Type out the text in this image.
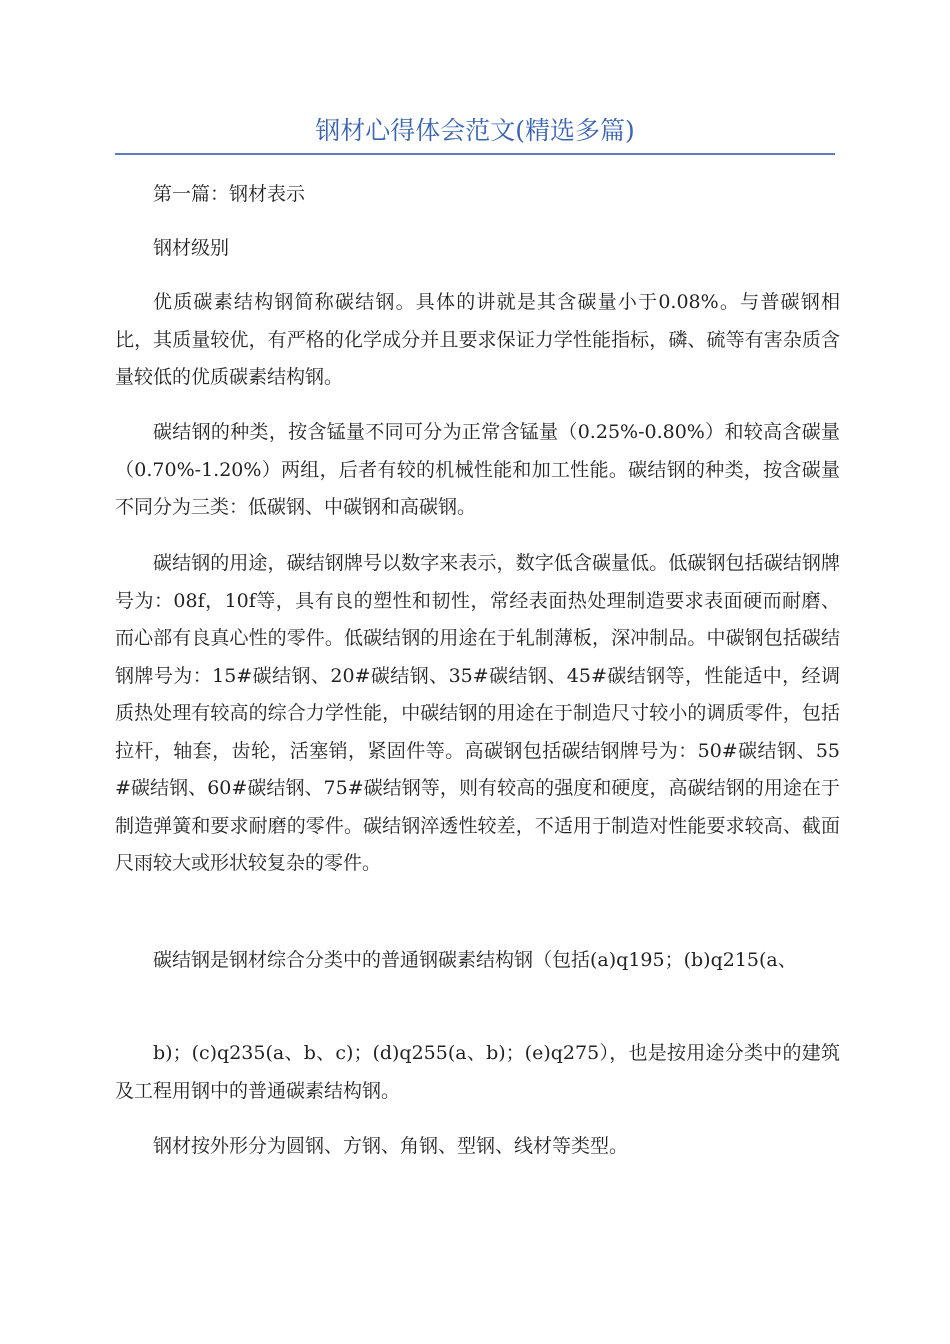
钢材心得体会范文(精选多篇)

第一篇：钢材表示

钢材级别

优质碳素结构钢简称碳结钢。具体的讲就是其含碳量小于0.08%。与普碳钢相比，其质量较优，有严格的化学成分并且要求保证力学性能指标，磷、硫等有害杂质含量较低的优质碳素结构钢。

碳结钢的种类，按含锰量不同可分为正常含锰量（0.25%-0.80%）和较高含碳量（0.70%-1.20%）两组，后者有较的机械性能和加工性能。碳结钢的种类，按含碳量不同分为三类：低碳钢、中碳钢和高碳钢。

碳结钢的用途，碳结钢牌号以数字来表示，数字低含碳量低。低碳钢包括碳结钢牌号为：08f，10f等，具有良的塑性和韧性，常经表面热处理制造要求表面硬而耐磨、而心部有良真心性的零件。低碳结钢的用途在于轧制薄板，深冲制品。中碳钢包括碳结钢牌号为：15#碳结钢、20#碳结钢、35#碳结钢、45#碳结钢等，性能适中，经调质热处理有较高的综合力学性能，中碳结钢的用途在于制造尺寸较小的调质零件，包括拉杆，轴套，齿轮，活塞销，紧固件等。高碳钢包括碳结钢牌号为：50#碳结钢、55#碳结钢、60#碳结钢、75#碳结钢等，则有较高的强度和硬度，高碳结钢的用途在于制造弹簧和要求耐磨的零件。碳结钢淬透性较差，不适用于制造对性能要求较高、截面尺雨较大或形状较复杂的零件。

碳结钢是钢材综合分类中的普通钢碳素结构钢（包括(a)q195；(b)q215(a、

b)；(c)q235(a、b、c)；(d)q255(a、b)；(e)q275），也是按用途分类中的建筑及工程用钢中的普通碳素结构钢。

钢材按外形分为圆钢、方钢、角钢、型钢、线材等类型。
